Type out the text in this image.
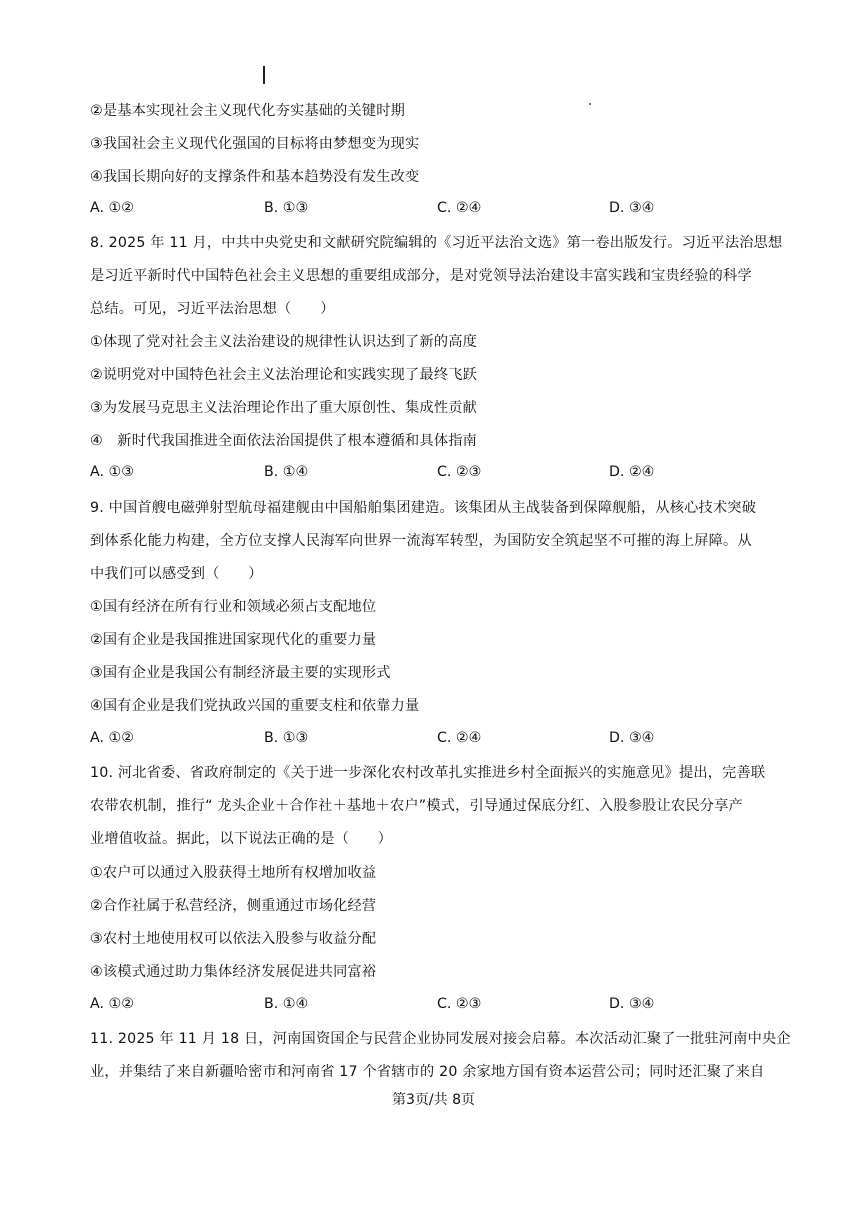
②是基本实现社会主义现代化夯实基础的关键时期
③我国社会主义现代化强国的目标将由梦想变为现实
④我国长期向好的支撑条件和基本趋势没有发生改变
A. ①②	B. ①③	C. ②④	D. ③④
8. 2025 年 11 月，中共中央党史和文献研究院编辑的《习近平法治文选》第一卷出版发行。习近平法治思想
是习近平新时代中国特色社会主义思想的重要组成部分，是对党领导法治建设丰富实践和宝贵经验的科学
总结。可见，习近平法治思想（　　）
①体现了党对社会主义法治建设的规律性认识达到了新的高度
②说明党对中国特色社会主义法治理论和实践实现了最终飞跃
③为发展马克思主义法治理论作出了重大原创性、集成性贡献
④　新时代我国推进全面依法治国提供了根本遵循和具体指南
A. ①③	B. ①④	C. ②③	D. ②④
9. 中国首艘电磁弹射型航母福建舰由中国船舶集团建造。该集团从主战装备到保障舰船，从核心技术突破
到体系化能力构建，全方位支撑人民海军向世界一流海军转型，为国防安全筑起坚不可摧的海上屏障。从
中我们可以感受到（　　）
①国有经济在所有行业和领域必须占支配地位
②国有企业是我国推进国家现代化的重要力量
③国有企业是我国公有制经济最主要的实现形式
④国有企业是我们党执政兴国的重要支柱和依靠力量
A. ①②	B. ①③	C. ②④	D. ③④
10. 河北省委、省政府制定的《关于进一步深化农村改革扎实推进乡村全面振兴的实施意见》提出，完善联
农带农机制，推行“ 龙头企业＋合作社＋基地＋农户”模式，引导通过保底分红、入股参股让农民分享产
业增值收益。据此，以下说法正确的是（　　）
①农户可以通过入股获得土地所有权增加收益
②合作社属于私营经济，侧重通过市场化经营
③农村土地使用权可以依法入股参与收益分配
④该模式通过助力集体经济发展促进共同富裕
A. ①②	B. ①④	C. ②③	D. ③④
11. 2025 年 11 月 18 日，河南国资国企与民营企业协同发展对接会启幕。本次活动汇聚了一批驻河南中央企
业，并集结了来自新疆哈密市和河南省 17 个省辖市的 20 余家地方国有资本运营公司；同时还汇聚了来自
第3页/共 8页
